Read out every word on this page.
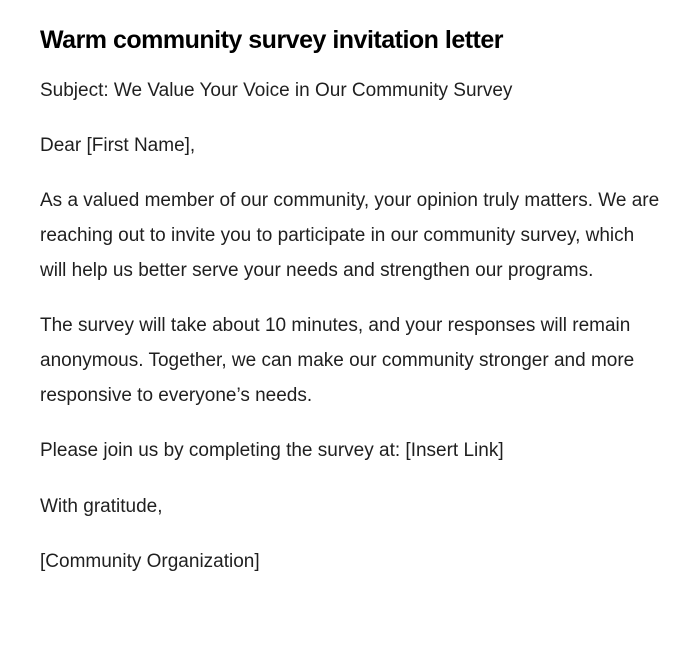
Warm community survey invitation letter

Subject: We Value Your Voice in Our Community Survey

Dear [First Name],

As a valued member of our community, your opinion truly matters. We are reaching out to invite you to participate in our community survey, which will help us better serve your needs and strengthen our programs.

The survey will take about 10 minutes, and your responses will remain anonymous. Together, we can make our community stronger and more responsive to everyone’s needs.

Please join us by completing the survey at: [Insert Link]

With gratitude,

[Community Organization]
